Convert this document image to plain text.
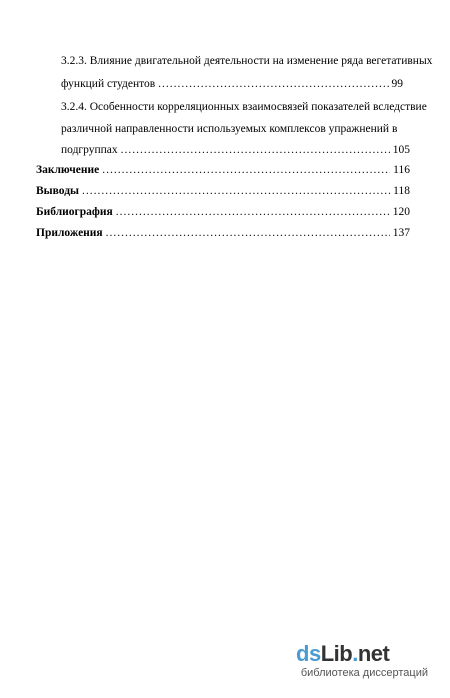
3.2.3. Влияние двигательной деятельности на изменение ряда вегетативных
функций студентов .....	99
3.2.4. Особенности корреляционных взаимосвязей показателей вследствие
различной направленности используемых комплексов упражнений в
подгруппах .....	105
Заключение .....	116
Выводы .....	118
Библиография .....	120
Приложения .....	137
dsLib.net
библиотека диссертаций
